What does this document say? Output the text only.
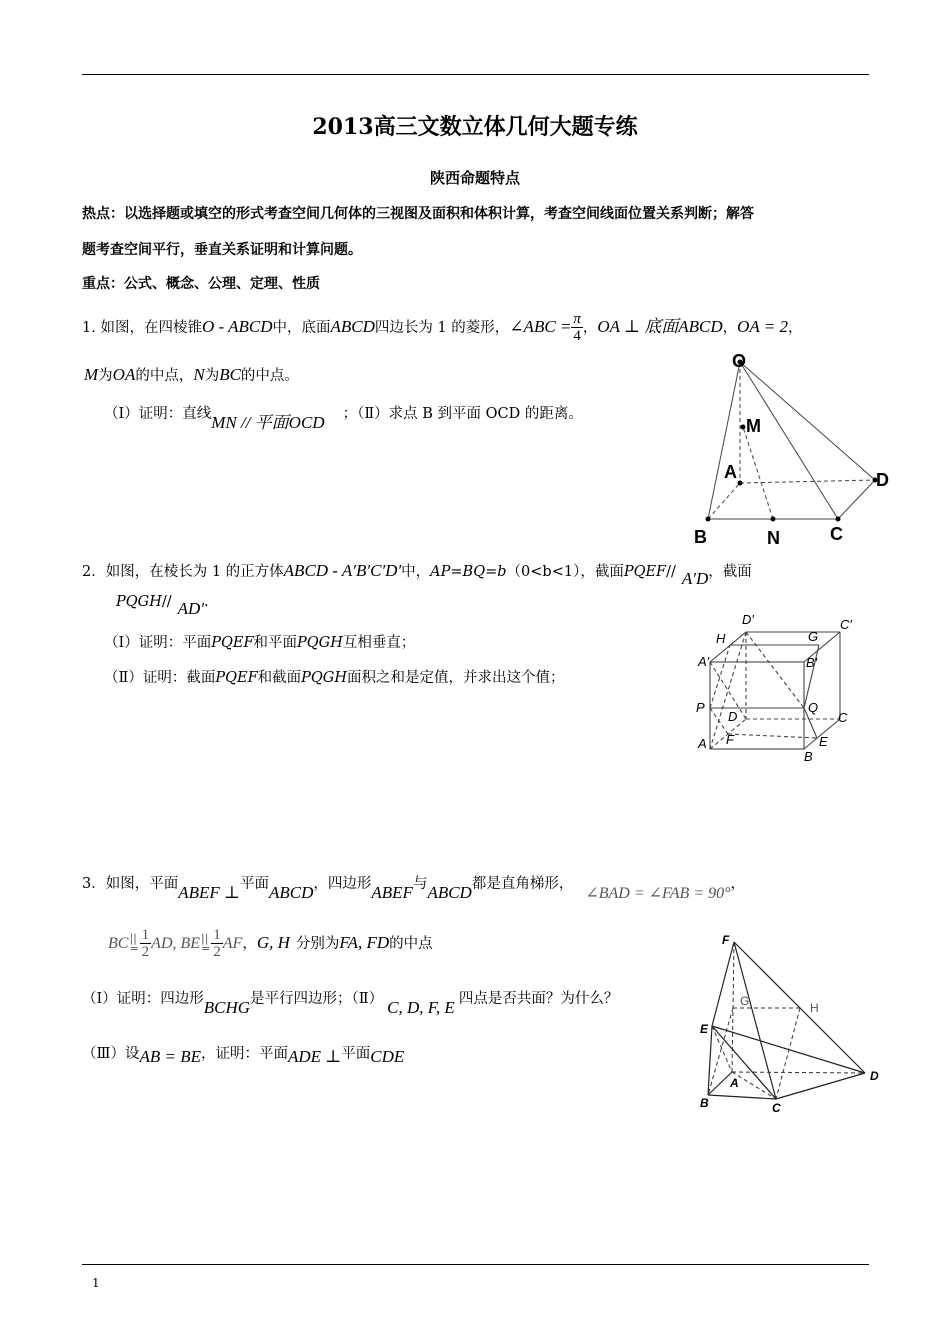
2013高三文数立体几何大题专练
陕西命题特点
热点：以选择题或填空的形式考查空间几何体的三视图及面积和体积计算，考查空间线面位置关系判断；解答
题考查空间平行，垂直关系证明和计算问题。
重点：公式、概念、公理、定理、性质
1. 如图，在四棱锥O - ABCD中，底面ABCD四边长为 1 的菱形，∠ABC = $\frac{\pi}{4}$ ，OA ⊥ 底面ABCD，OA = 2，
M为OA的中点，N为BC的中点。
（Ⅰ）证明：直线MN // 平面OCD ；（Ⅱ）求点 B 到平面 OCD 的距离。
O
M
A	D
B	N	C
2．如图，在棱长为 1 的正方体ABCD - A′B′C′D′中，AP=BQ=b（0<b<1），截面PQEF// A′D，截面
PQGH// AD′.
（Ⅰ）证明：平面PQEF和平面PQGH互相垂直；
（Ⅱ）证明：截面PQEF和截面PQGH面积之和是定值，并求出这个值；
D′	C′
H	G
A′	B′
P
D
Q
C
A F	E
B
3．如图，平面ABEF ⊥平面ABCD，四边形ABEF与ABCD都是直角梯形，∠BAD = ∠FAB = 90°，
BC||
= $\frac{1}{2}$ AD, BE||
= $\frac{1}{2}$ AF，G, H 分别为FA, FD的中点
（Ⅰ）证明：四边形BCHG是平行四边形；（Ⅱ） C, D, F, E 四点是否共面？为什么？
（Ⅲ）设AB = BE，证明：平面ADE ⊥平面CDE
F
G	H
E
A	D
B	C
1
